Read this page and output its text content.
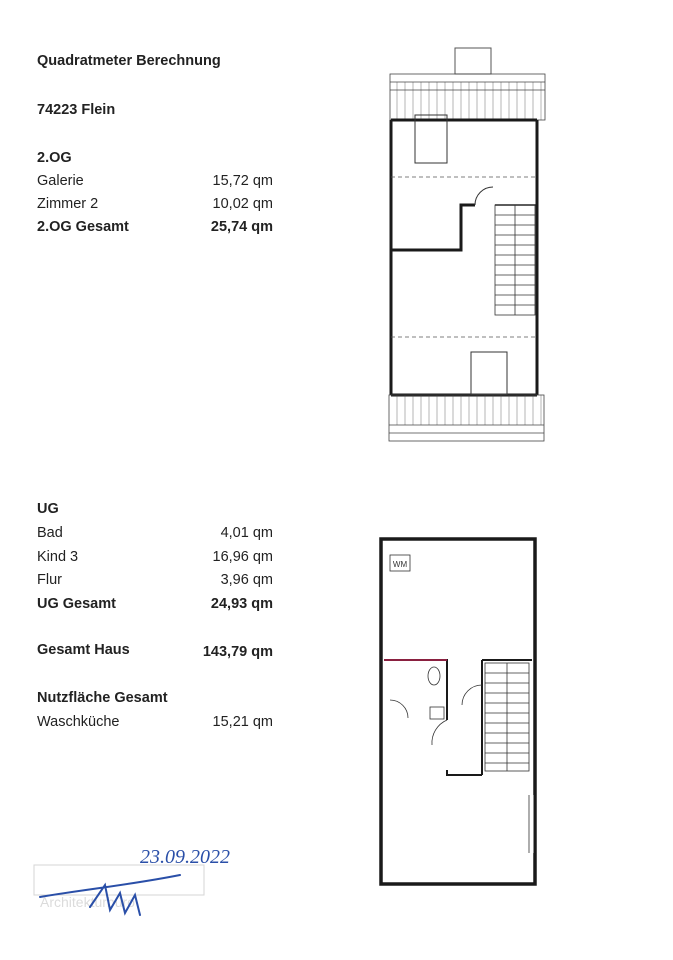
Quadratmeter Berechnung
74223 Flein
2.OG
Galerie	15,72 qm
Zimmer 2	10,02 qm
2.OG Gesamt	25,74 qm
UG
Bad	4,01 qm
Kind 3	16,96 qm
Flur	3,96 qm
UG Gesamt	24,93 qm
Gesamt Haus	143,79 qm
Nutzfläche Gesamt
Waschküche	15,21 qm
WM
Architekturbüro
23.09.2022
